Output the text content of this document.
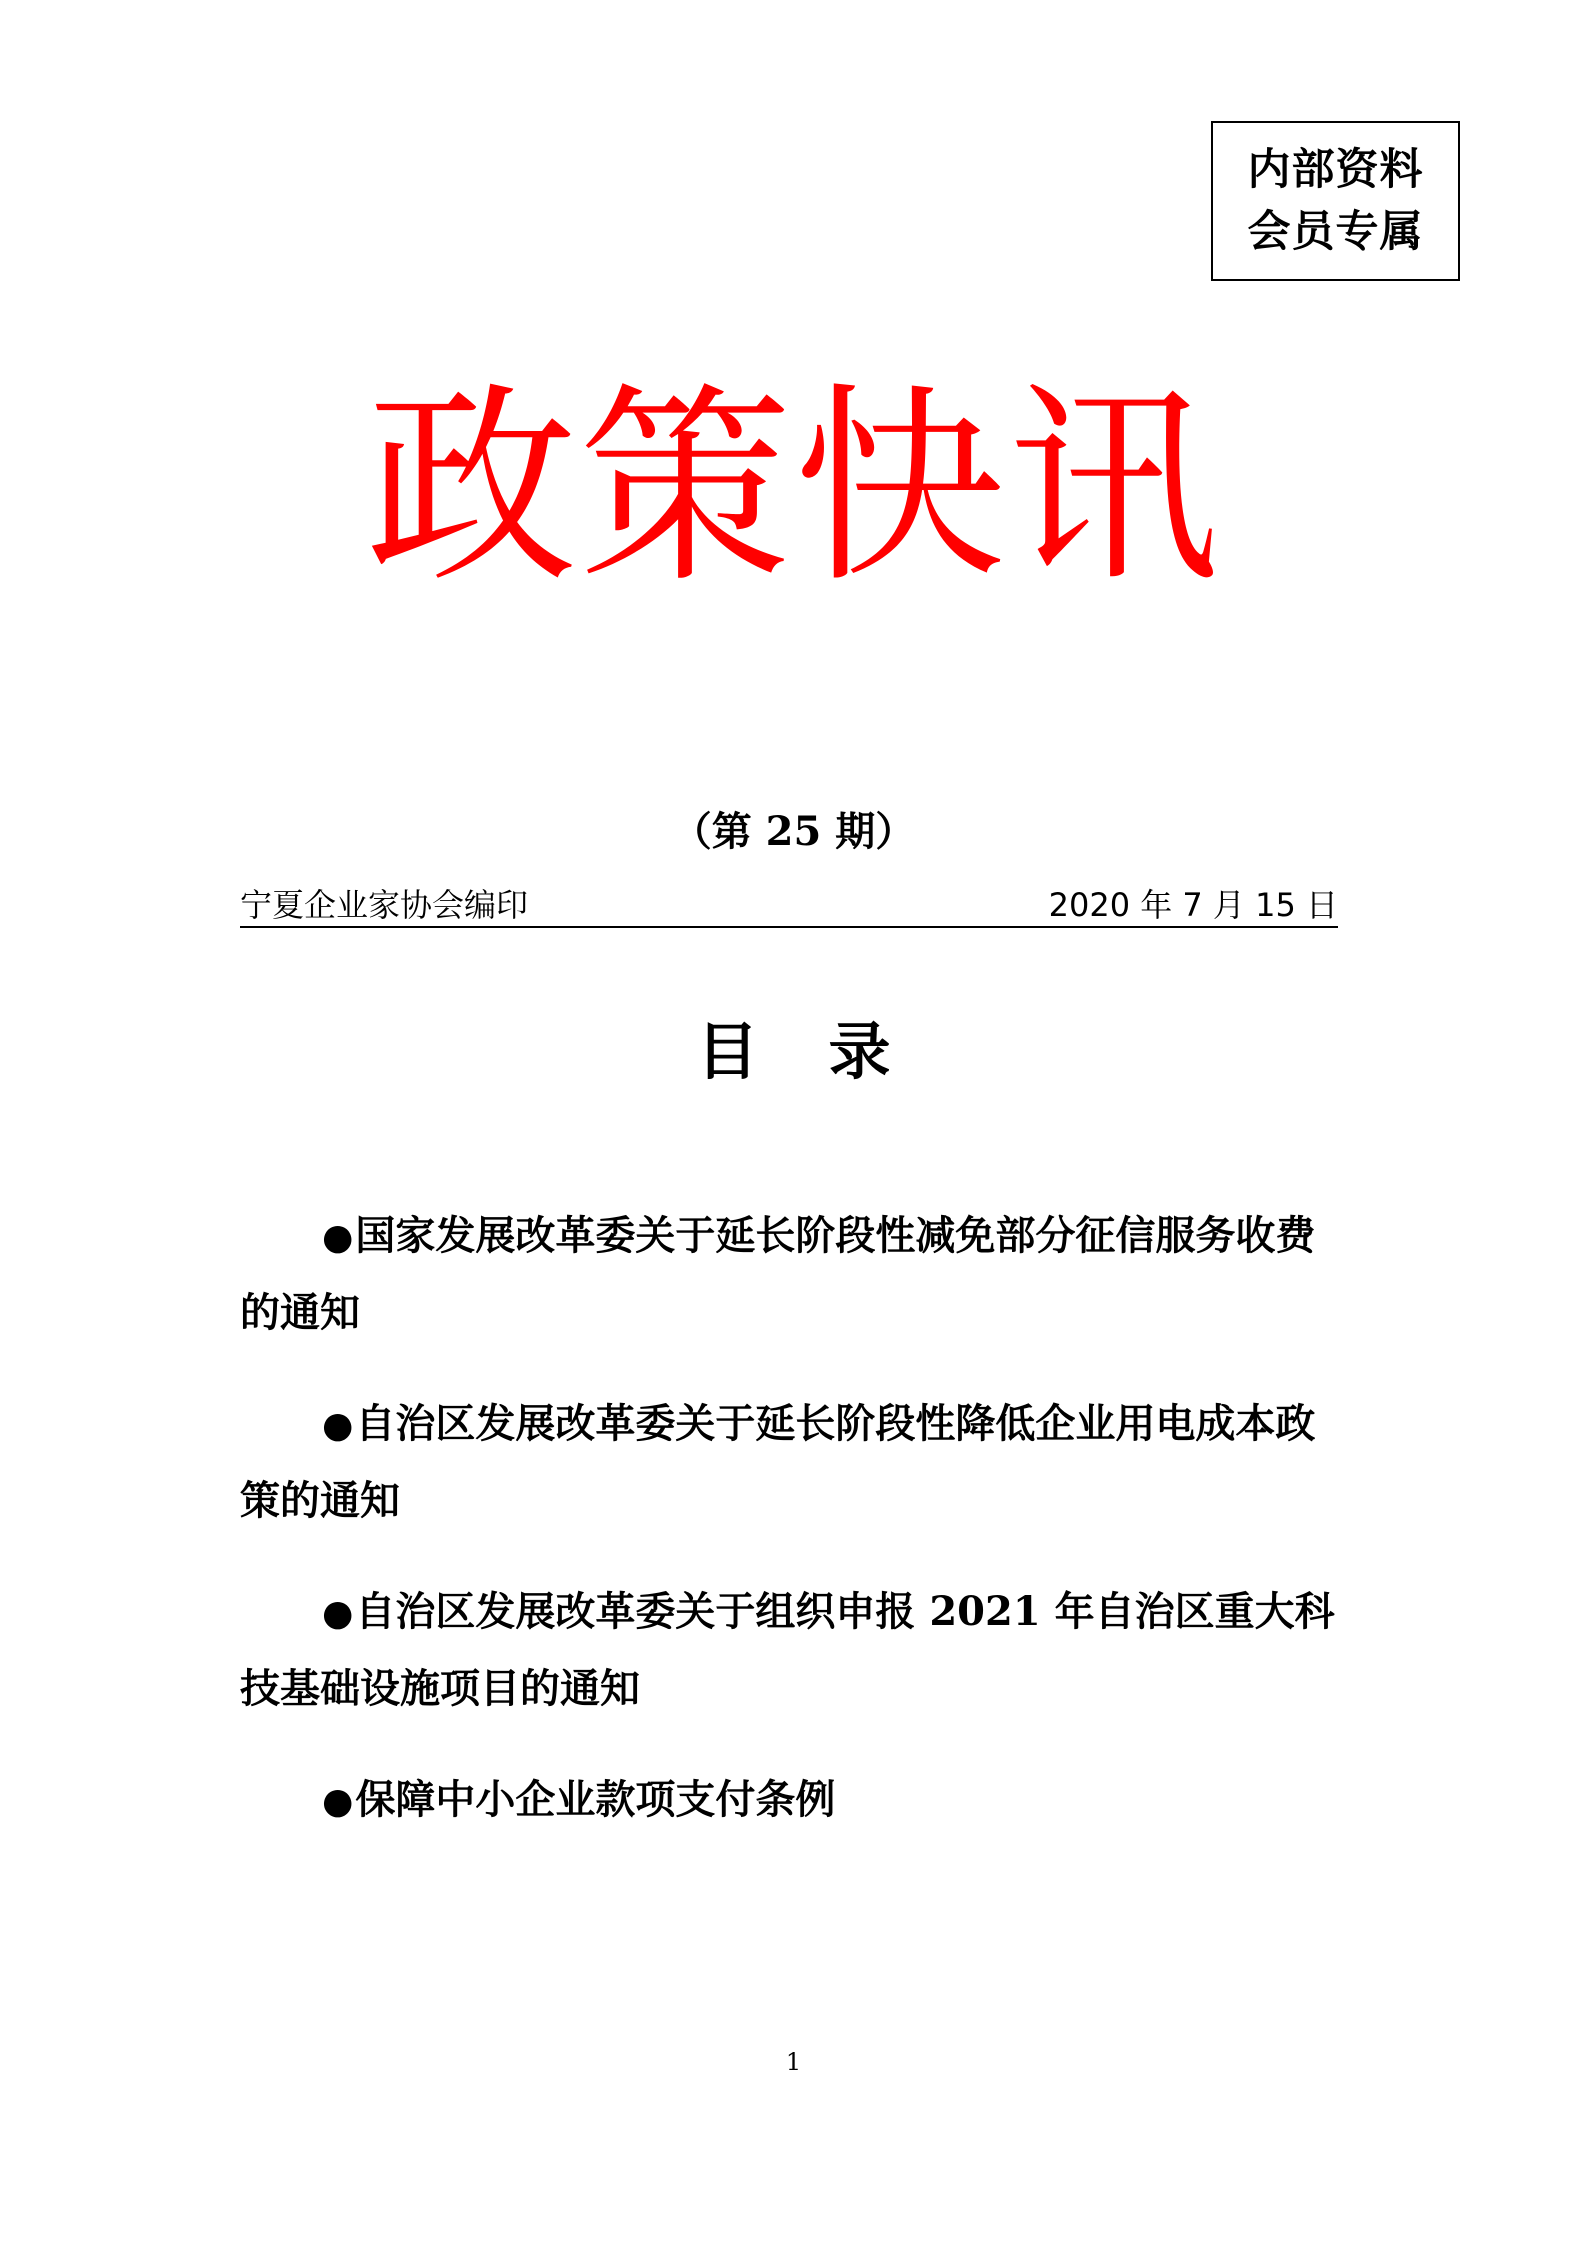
内部资料
会员专属
政策快讯
（第 25 期）
宁夏企业家协会编印	2020 年 7 月 15 日
目 录
●国家发展改革委关于延长阶段性减免部分征信服务收费的通知
●自治区发展改革委关于延长阶段性降低企业用电成本政策的通知
●自治区发展改革委关于组织申报 2021 年自治区重大科技基础设施项目的通知
●保障中小企业款项支付条例
1
